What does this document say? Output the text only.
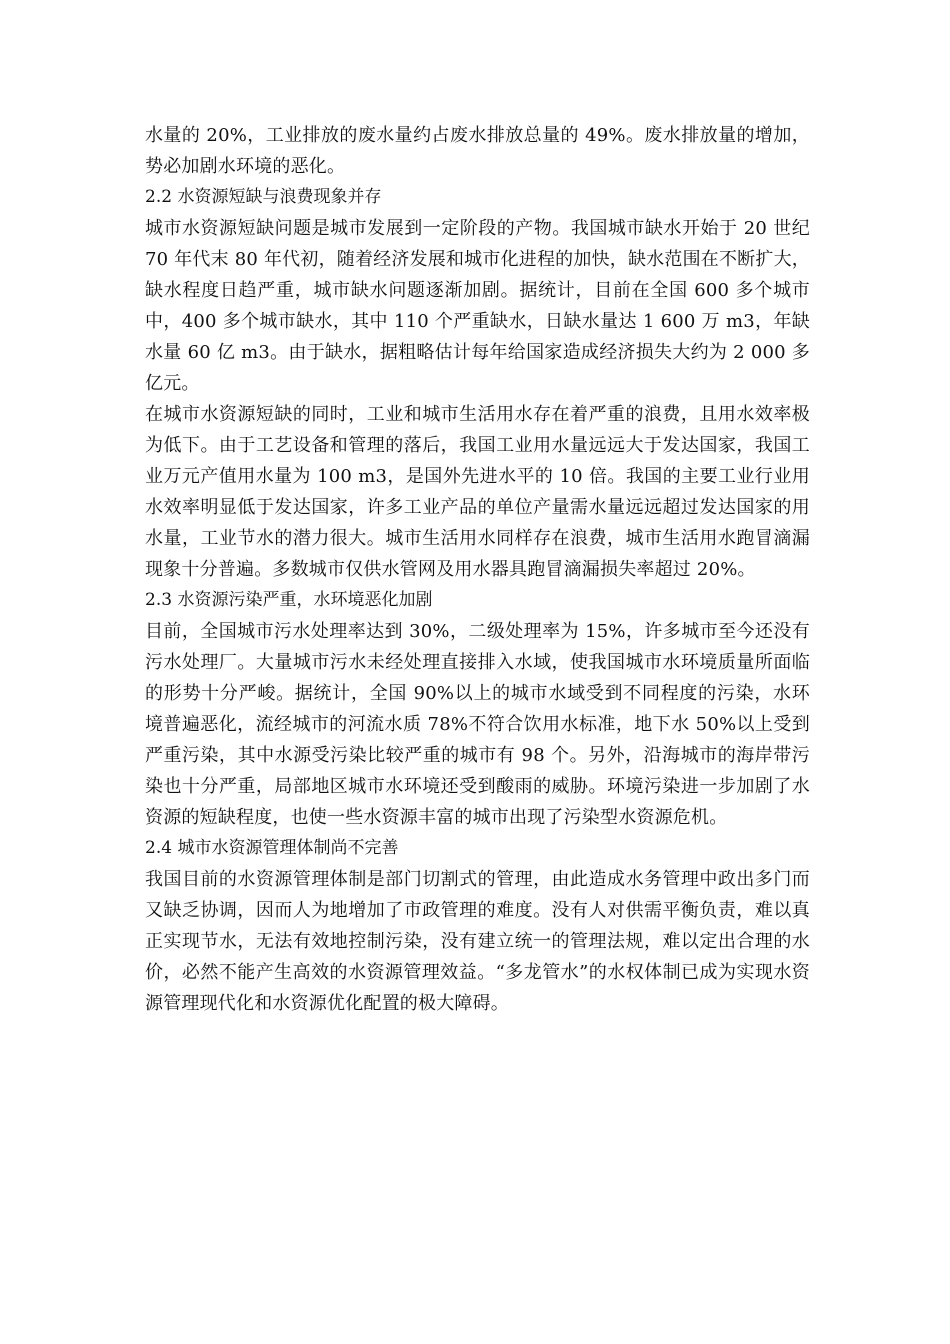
水量的 20%，工业排放的废水量约占废水排放总量的 49%。废水排放量的增加，势必加剧水环境的恶化。

2.2 水资源短缺与浪费现象并存

城市水资源短缺问题是城市发展到一定阶段的产物。我国城市缺水开始于 20 世纪 70 年代末 80 年代初，随着经济发展和城市化进程的加快，缺水范围在不断扩大，缺水程度日趋严重，城市缺水问题逐渐加剧。据统计，目前在全国 600 多个城市中，400 多个城市缺水，其中 110 个严重缺水，日缺水量达 1 600 万 m3，年缺水量 60 亿 m3。由于缺水，据粗略估计每年给国家造成经济损失大约为 2 000 多亿元。

在城市水资源短缺的同时，工业和城市生活用水存在着严重的浪费，且用水效率极为低下。由于工艺设备和管理的落后，我国工业用水量远远大于发达国家，我国工业万元产值用水量为 100 m3，是国外先进水平的 10 倍。我国的主要工业行业用水效率明显低于发达国家，许多工业产品的单位产量需水量远远超过发达国家的用水量，工业节水的潜力很大。城市生活用水同样存在浪费，城市生活用水跑冒滴漏现象十分普遍。多数城市仅供水管网及用水器具跑冒滴漏损失率超过 20%。

2.3 水资源污染严重，水环境恶化加剧

目前，全国城市污水处理率达到 30%，二级处理率为 15%，许多城市至今还没有污水处理厂。大量城市污水未经处理直接排入水域，使我国城市水环境质量所面临的形势十分严峻。据统计，全国 90%以上的城市水域受到不同程度的污染，水环境普遍恶化，流经城市的河流水质 78%不符合饮用水标准，地下水 50%以上受到严重污染，其中水源受污染比较严重的城市有 98 个。另外，沿海城市的海岸带污染也十分严重，局部地区城市水环境还受到酸雨的威胁。环境污染进一步加剧了水资源的短缺程度，也使一些水资源丰富的城市出现了污染型水资源危机。

2.4 城市水资源管理体制尚不完善

我国目前的水资源管理体制是部门切割式的管理，由此造成水务管理中政出多门而又缺乏协调，因而人为地增加了市政管理的难度。没有人对供需平衡负责，难以真正实现节水，无法有效地控制污染，没有建立统一的管理法规，难以定出合理的水价，必然不能产生高效的水资源管理效益。“多龙管水”的水权体制已成为实现水资源管理现代化和水资源优化配置的极大障碍。
